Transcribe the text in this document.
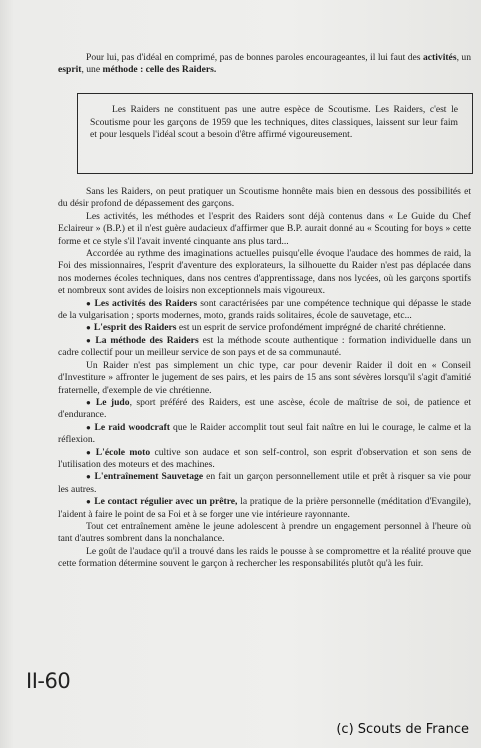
Pour lui, pas d'idéal en comprimé, pas de bonnes paroles encourageantes, il lui faut des activités, un esprit, une méthode : celle des Raiders.

Les Raiders ne constituent pas une autre espèce de Scoutisme. Les Raiders, c'est le Scoutisme pour les garçons de 1959 que les techniques, dites classiques, laissent sur leur faim et pour lesquels l'idéal scout a besoin d'être affirmé vigoureusement.

Sans les Raiders, on peut pratiquer un Scoutisme honnête mais bien en dessous des possibilités et du désir profond de dépassement des garçons.

Les activités, les méthodes et l'esprit des Raiders sont déjà contenus dans « Le Guide du Chef Eclaireur » (B.P.) et il n'est guère audacieux d'affirmer que B.P. aurait donné au « Scouting for boys » cette forme et ce style s'il l'avait inventé cinquante ans plus tard...

Accordée au rythme des imaginations actuelles puisqu'elle évoque l'audace des hommes de raid, la Foi des missionnaires, l'esprit d'aventure des explorateurs, la silhouette du Raider n'est pas déplacée dans nos modernes écoles techniques, dans nos centres d'apprentissage, dans nos lycées, où les garçons sportifs et nombreux sont avides de loisirs non exceptionnels mais vigoureux.

● Les activités des Raiders sont caractérisées par une compétence technique qui dépasse le stade de la vulgarisation ; sports modernes, moto, grands raids solitaires, école de sauvetage, etc...

● L'esprit des Raiders est un esprit de service profondément imprégné de charité chrétienne.

● La méthode des Raiders est la méthode scoute authentique : formation individuelle dans un cadre collectif pour un meilleur service de son pays et de sa communauté.

Un Raider n'est pas simplement un chic type, car pour devenir Raider il doit en « Conseil d'Investiture » affronter le jugement de ses pairs, et les pairs de 15 ans sont sévères lorsqu'il s'agit d'amitié fraternelle, d'exemple de vie chrétienne.

● Le judo, sport préféré des Raiders, est une ascèse, école de maîtrise de soi, de patience et d'endurance.

● Le raid woodcraft que le Raider accomplit tout seul fait naître en lui le courage, le calme et la réflexion.

● L'école moto cultive son audace et son self-control, son esprit d'observation et son sens de l'utilisation des moteurs et des machines.

● L'entraînement Sauvetage en fait un garçon personnellement utile et prêt à risquer sa vie pour les autres.

● Le contact régulier avec un prêtre, la pratique de la prière personnelle (méditation d'Evangile), l'aident à faire le point de sa Foi et à se forger une vie intérieure rayonnante.

Tout cet entraînement amène le jeune adolescent à prendre un engagement personnel à l'heure où tant d'autres sombrent dans la nonchalance.

Le goût de l'audace qu'il a trouvé dans les raids le pousse à se compromettre et la réalité prouve que cette formation détermine souvent le garçon à rechercher les responsabilités plutôt qu'à les fuir.

II-60
(c) Scouts de France
